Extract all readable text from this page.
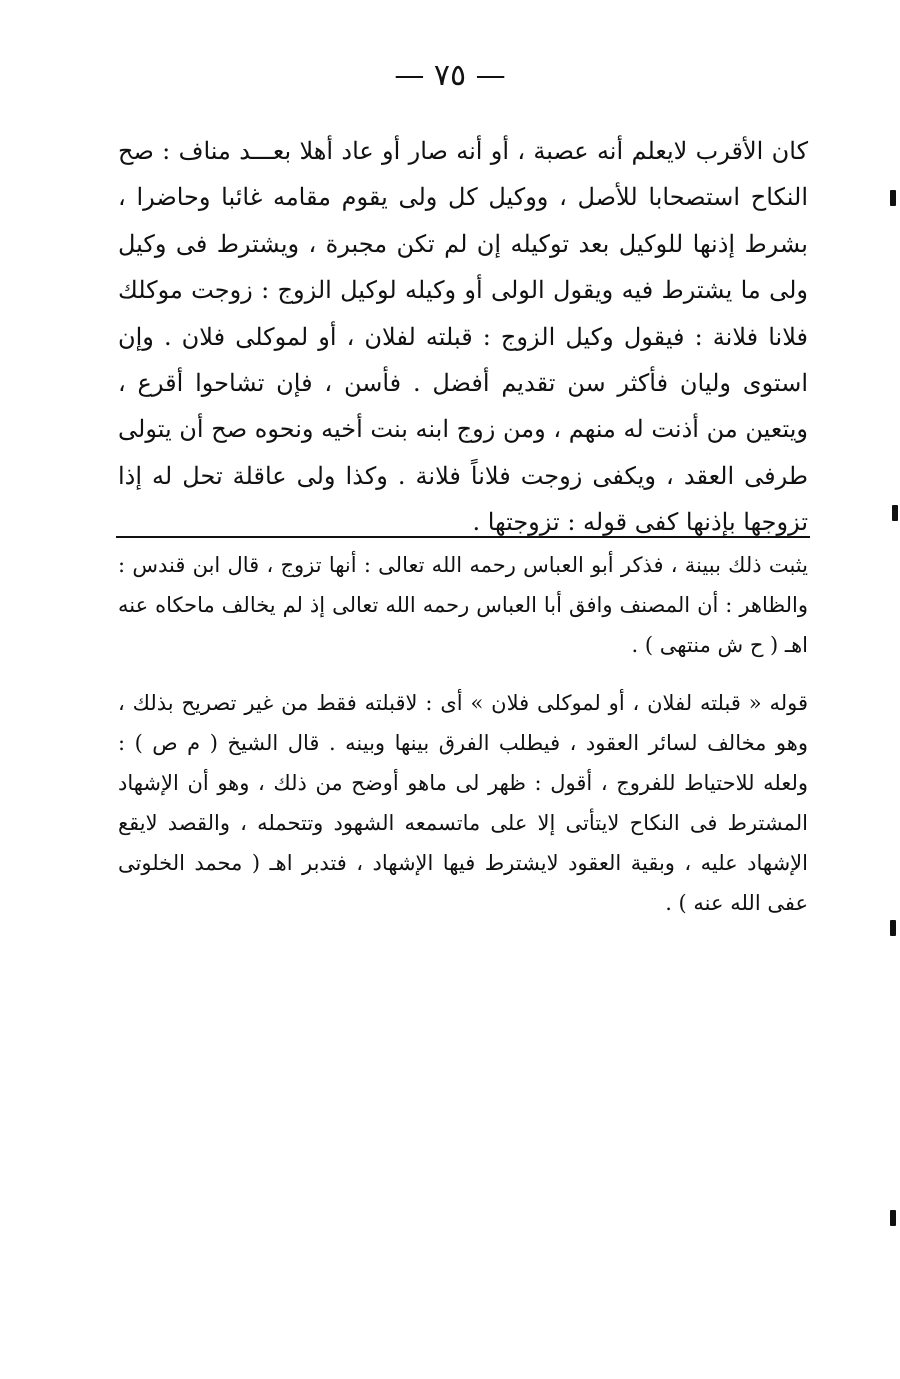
— ٧٥ —
كان الأقرب لايعلم أنه عصبة ، أو أنه صار أو عاد أهلا بعـــد مناف : صح النكاح استصحابا للأصل ، ووكيل كل ولى يقوم مقامه غائبا وحاضرا ، بشرط إذنها للوكيل بعد توكيله إن لم تكن مجبرة ، ويشترط فى وكيل ولى ما يشترط فيه ويقول الولى أو وكيله لوكيل الزوج : زوجت موكلك فلانا فلانة : فيقول وكيل الزوج : قبلته لفلان ، أو لموكلى فلان . وإن استوى وليان فأكثر سن تقديم أفضل . فأسن ، فإن تشاحوا أقرع ، ويتعين من أذنت له منهم ، ومن زوج ابنه بنت أخيه ونحوه صح أن يتولى طرفى العقد ، ويكفى زوجت فلاناً فلانة . وكذا ولى عاقلة تحل له إذا تزوجها بإذنها كفى قوله : تزوجتها .
يثبت ذلك ببينة ، فذكر أبو العباس رحمه الله تعالى : أنها تزوج ، قال ابن قندس : والظاهر : أن المصنف وافق أبا العباس رحمه الله تعالى إذ لم يخالف ماحكاه عنه اهـ ( ح ش منتهى ) .
قوله « قبلته لفلان ، أو لموكلى فلان » أى : لاقبلته فقط من غير تصريح بذلك ، وهو مخالف لسائر العقود ، فيطلب الفرق بينها وبينه . قال الشيخ ( م ص ) : ولعله للاحتياط للفروج ، أقول : ظهر لى ماهو أوضح من ذلك ، وهو أن الإشهاد المشترط فى النكاح لايتأتى إلا على ماتسمعه الشهود وتتحمله ، والقصد لايقع الإشهاد عليه ، وبقية العقود لايشترط فيها الإشهاد ، فتدبر اهـ ( محمد الخلوتى عفى الله عنه ) .
